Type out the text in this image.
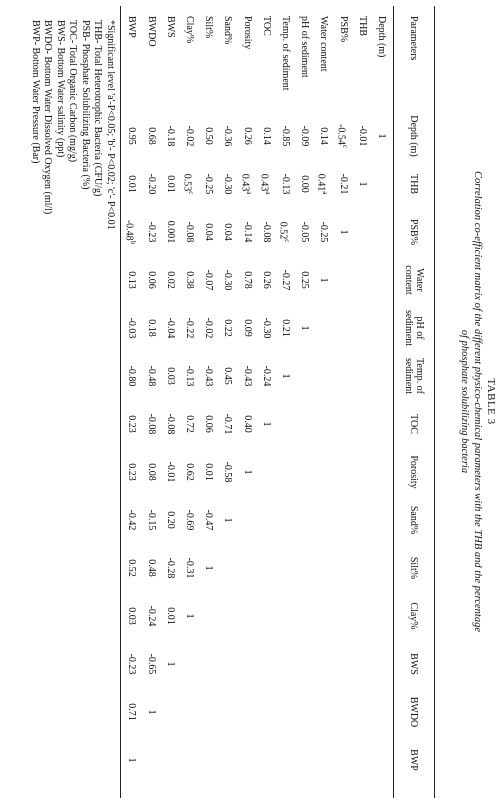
TABLE 3
Correlation co-efficient matrix of the different physico-chemical parameters with the THB and the percentage
of phosphate solubilizing bacteria
Parameters
Depth (m)
THB
PSB%
Water content
pH of sediment
Temp. of sediment
TOC
Porosity
Sand%
Silt%
Clay%
BWS
BWDO
BWP
Depth (m)
1
THB
-0.01
1
PSB%
-0.54$^c$
-0.21
1
Water content
0.14
0.41$^a$
-0.25
1
pH of sediment
-0.09
0.00
-0.05
0.25
1
Temp. of sediment
-0.85
-0.13
0.52$^c$
-0.27
0.21
1
TOC
0.14
0.43$^a$
-0.08
0.26
-0.30
-0.24
1
Porosity
0.26
0.43$^a$
-0.14
0.78
0.09
-0.43
0.40
1
Sand%
-0.36
-0.30
0.04
-0.30
0.22
0.45
-0.71
-0.58
1
Silt%
0.50
-0.25
0.04
-0.07
-0.02
-0.43
0.06
0.01
-0.47
1
Clay%
-0.02
0.53$^c$
-0.08
0.38
-0.22
-0.13
0.72
0.62
-0.69
-0.31
1
BWS
-0.18
0.01
0.001
0.02
-0.04
0.03
-0.08
-0.01
0.20
-0.28
0.01
1
BWDO
0.68
-0.20
-0.23
0.06
0.18
-0.48
-0.08
0.08
-0.15
0.48
-0.24
-0.65
1
BWP
0.95
0.01
-0.48$^b$
0.13
-0.03
-0.80
0.23
0.23
-0.42
0.52
0.03
-0.23
0.71
1
*Significant level 'a'-P<0.05; 'b'- P<0.02; 'c'- P<0.01
THB- Total Heterotrophic Bacteria (CFU/g)
PSB- Phosphate Solubilizing Bacteria (%)
TOC- Total Organic Carbon (mg/g)
BWS- Bottom Water salinity (ppt)
BWDO- Bottom Water Dissolved Oxygen (ml/l)
BWP- Bottom Water Pressure (Bar)
